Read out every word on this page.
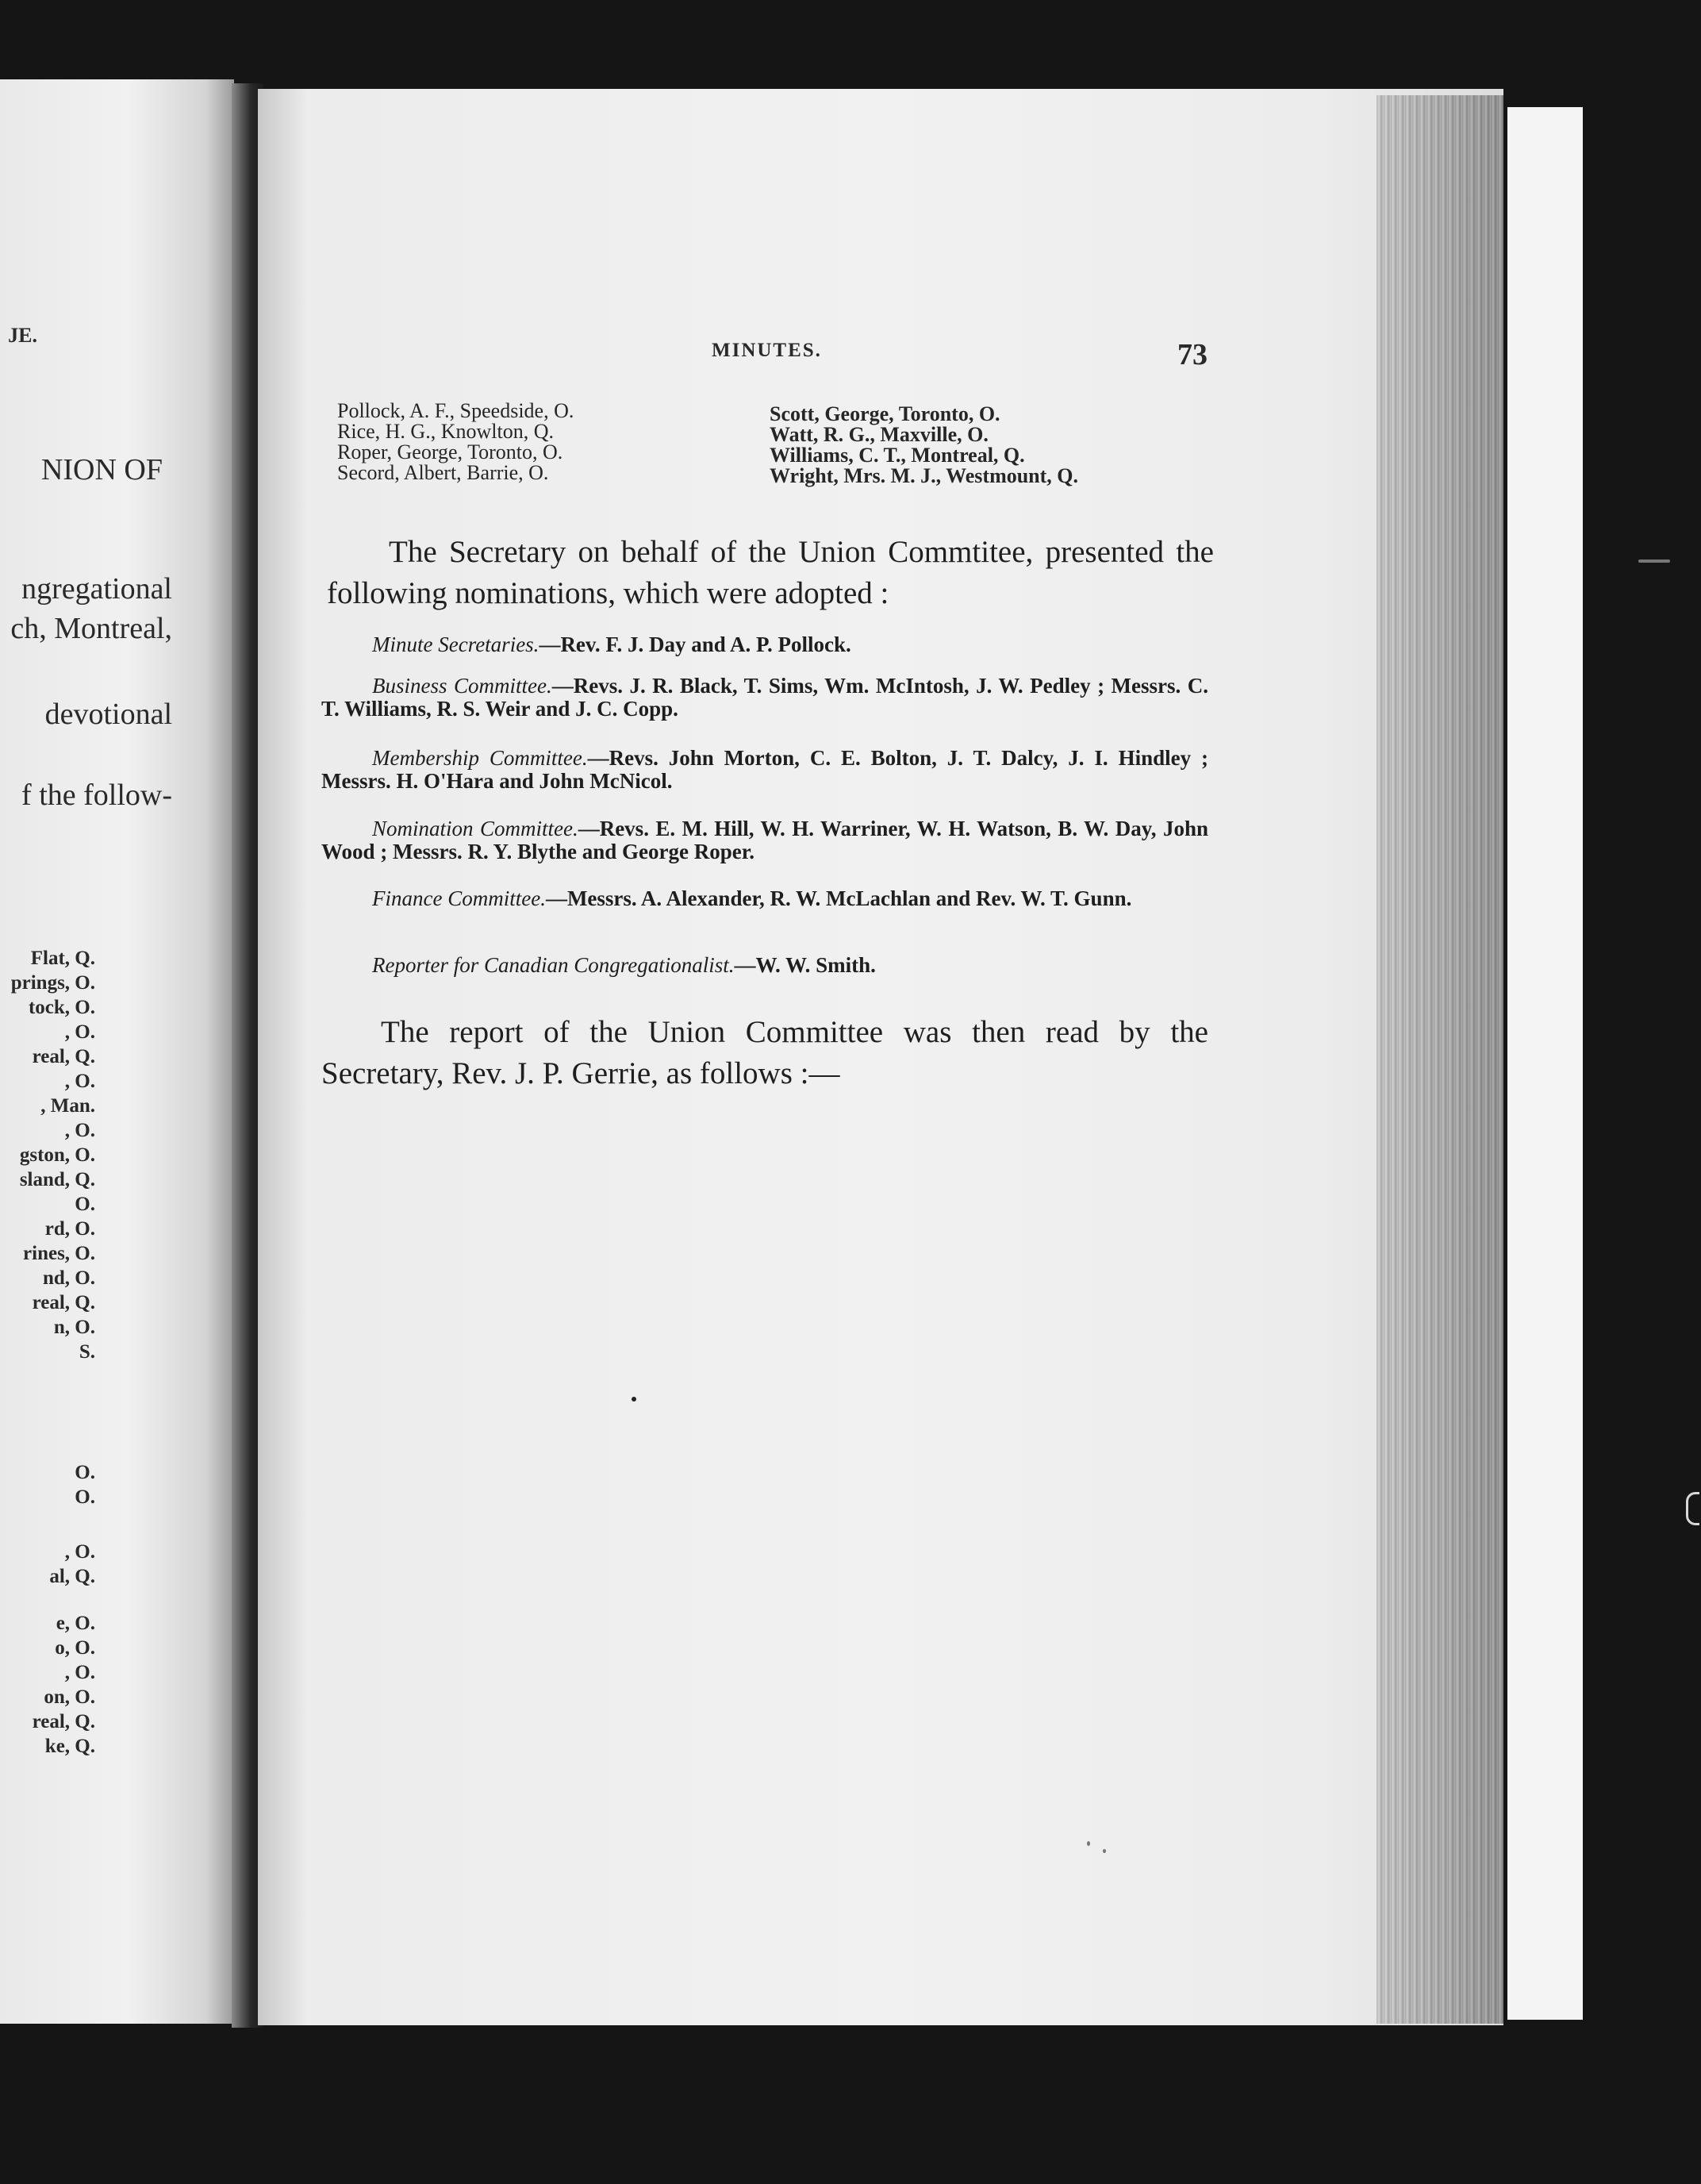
JE.
NION OF
ngregational
ch, Montreal,
devotional
f the follow-
Flat, Q.
prings, O.
tock, O.
, O.
real, Q.
, O.
, Man.
, O.
gston, O.
sland, Q.
O.
rd, O.
rines, O.
nd, O.
real, Q.
n, O.
S.
O.
O.
, O.
al, Q.
e, O.
o, O.
, O.
on, O.
real, Q.
ke, Q.
MINUTES.	73
Pollock, A. F., Speedside, O.
Rice, H. G., Knowlton, Q.
Roper, George, Toronto, O.
Secord, Albert, Barrie, O.
Scott, George, Toronto, O.
Watt, R. G., Maxville, O.
Williams, C. T., Montreal, Q.
Wright, Mrs. M. J., Westmount, Q.
The Secretary on behalf of the Union Commtitee, presented the following nominations, which were adopted :
Minute Secretaries.—Rev. F. J. Day and A. P. Pollock.
Business Committee.—Revs. J. R. Black, T. Sims, Wm. McIntosh, J. W. Pedley ; Messrs. C. T. Williams, R. S. Weir and J. C. Copp.
Membership Committee.—Revs. John Morton, C. E. Bolton, J. T. Dalcy, J. I. Hindley ; Messrs. H. O'Hara and John McNicol.
Nomination Committee.—Revs. E. M. Hill, W. H. Warriner, W. H. Watson, B. W. Day, John Wood ; Messrs. R. Y. Blythe and George Roper.
Finance Committee.—Messrs. A. Alexander, R. W. McLachlan and Rev. W. T. Gunn.
Reporter for Canadian Congregationalist.—W. W. Smith.
The report of the Union Committee was then read by the Secretary, Rev. J. P. Gerrie, as follows :—
